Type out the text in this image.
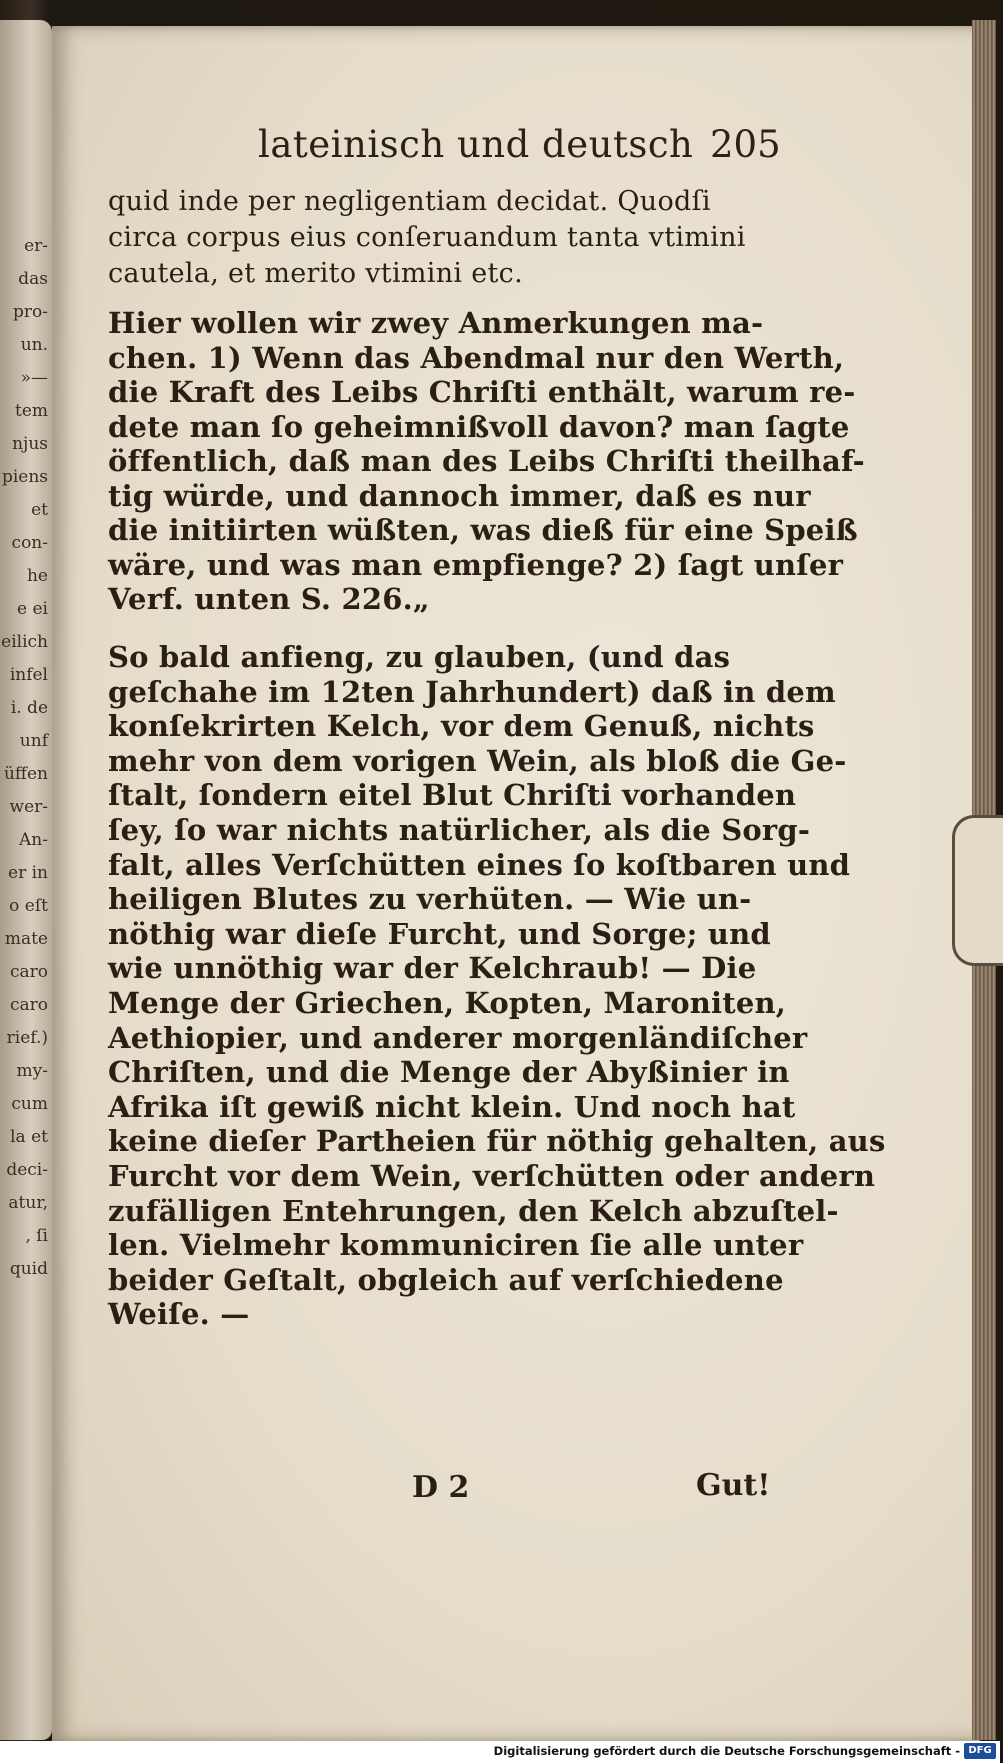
er-
das
pro-
un.
»—
tem
njus
piens
et
con-
he
e ei
eilich
infel
i. de
unf
üffen
wer-
An-
er in
o eſt
mate
caro
caro
rief.)
my-
cum
la et
deci-
atur,
, ſi
quid
lateinisch und deutsch 205
quid inde per negligentiam decidat. Quodſi
circa corpus eius conſeruandum tanta vtimini
cautela, et merito vtimini etc.
Hier wollen wir zwey Anmerkungen ma-
chen. 1) Wenn das Abendmal nur den Werth,
die Kraft des Leibs Chriſti enthält, warum re-
dete man ſo geheimnißvoll davon? man ſagte
öffentlich, daß man des Leibs Chriſti theilhaf-
tig würde, und dannoch immer, daß es nur
die initiirten wüßten, was dieß für eine Speiß
wäre, und was man empfienge? 2) ſagt unſer
Verf. unten S. 226.„
So bald anfieng, zu glauben, (und das
geſchahe im 12ten Jahrhundert) daß in dem
konſekrirten Kelch, vor dem Genuß, nichts
mehr von dem vorigen Wein, als bloß die Ge-
ſtalt, ſondern eitel Blut Chriſti vorhanden
ſey, ſo war nichts natürlicher, als die Sorg-
falt, alles Verſchütten eines ſo koſtbaren und
heiligen Blutes zu verhüten. — Wie un-
nöthig war dieſe Furcht, und Sorge; und
wie unnöthig war der Kelchraub! — Die
Menge der Griechen, Kopten, Maroniten,
Aethiopier, und anderer morgenländiſcher
Chriſten, und die Menge der Abyßinier in
Afrika iſt gewiß nicht klein. Und noch hat
keine dieſer Partheien für nöthig gehalten, aus
Furcht vor dem Wein, verſchütten oder andern
zufälligen Entehrungen, den Kelch abzuſtel-
len. Vielmehr kommuniciren ſie alle unter
beider Geſtalt, obgleich auf verſchiedene
Weiſe. —
D 2	Gut!
Digitalisierung gefördert durch die Deutsche Forschungsgemeinschaft - DFG
